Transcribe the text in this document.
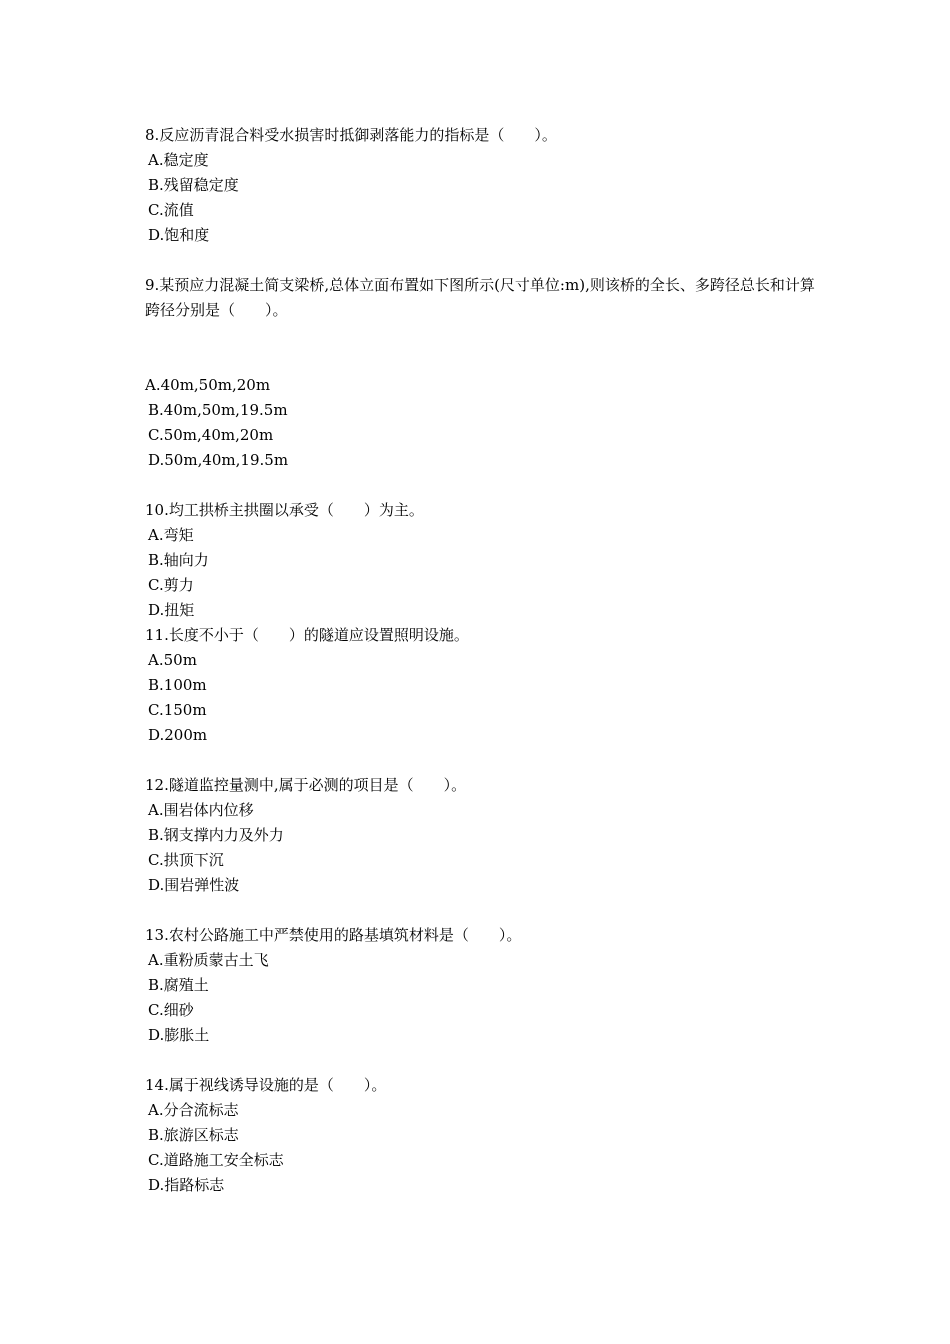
8.反应沥青混合料受水损害时抵御剥落能力的指标是（　　）。
A.稳定度
B.残留稳定度
C.流值
D.饱和度
9.某预应力混凝土简支梁桥,总体立面布置如下图所示(尺寸单位:m),则该桥的全长、多跨径总长和计算跨径分别是（　　）。
A.40m,50m,20m
B.40m,50m,19.5m
C.50m,40m,20m
D.50m,40m,19.5m
10.均工拱桥主拱圈以承受（　　）为主。
A.弯矩
B.轴向力
C.剪力
D.扭矩
11.长度不小于（　　）的隧道应设置照明设施。
A.50m
B.100m
C.150m
D.200m
12.隧道监控量测中,属于必测的项目是（　　）。
A.围岩体内位移
B.钢支撑内力及外力
C.拱顶下沉
D.围岩弹性波
13.农村公路施工中严禁使用的路基填筑材料是（　　）。
A.重粉质蒙古土飞
B.腐殖土
C.细砂
D.膨胀土
14.属于视线诱导设施的是（　　）。
A.分合流标志
B.旅游区标志
C.道路施工安全标志
D.指路标志
